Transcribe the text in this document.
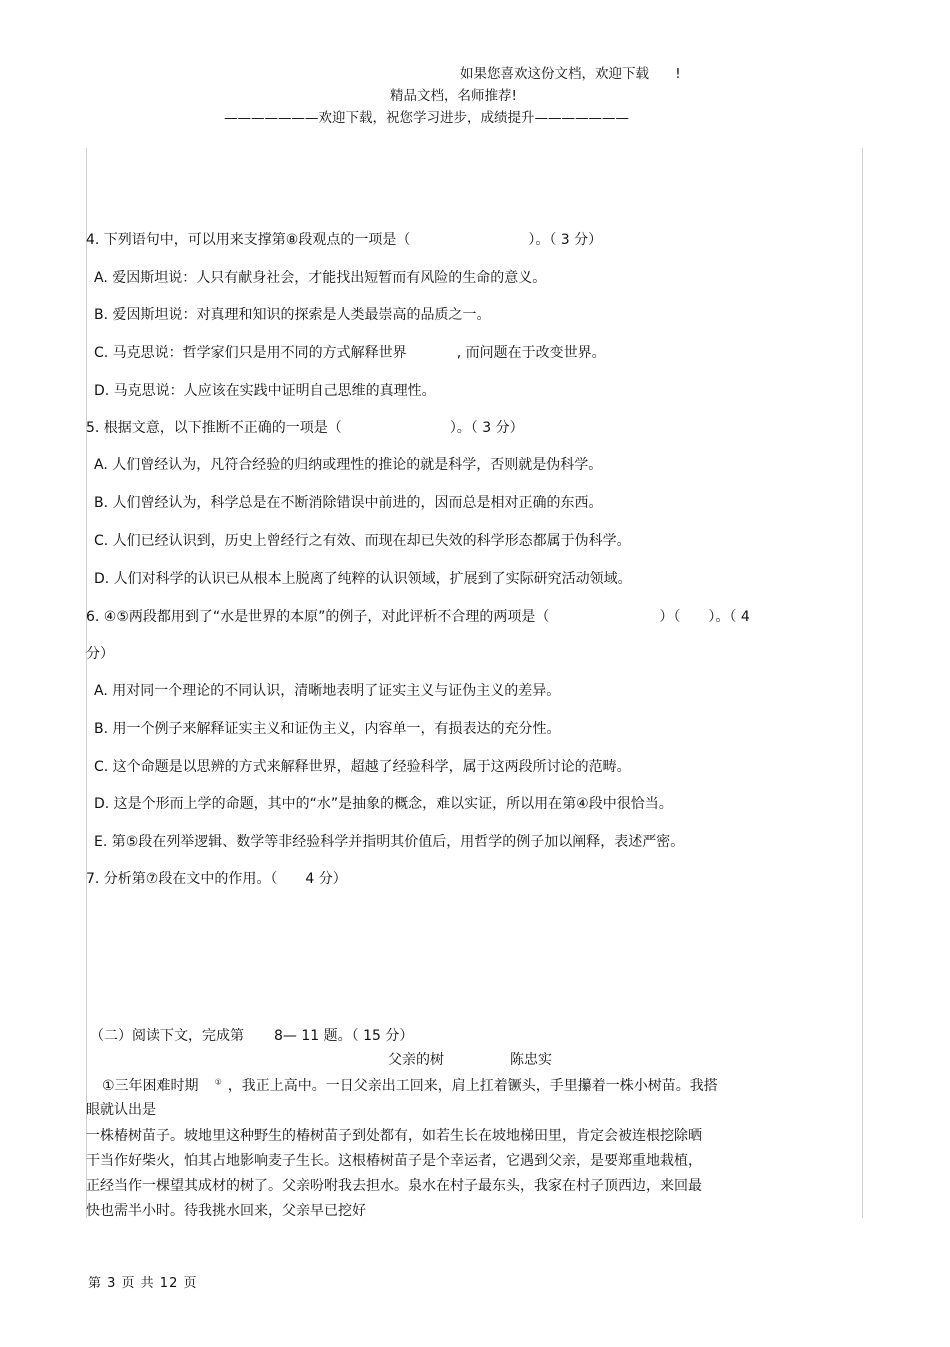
如果您喜欢这份文档，欢迎下载 !
精品文档，名师推荐!
———————欢迎下载，祝您学习进步，成绩提升———————
4. 下列语句中，可以用来支撑第⑧段观点的一项是（	）。（ 3 分）
A. 爱因斯坦说：人只有献身社会，才能找出短暂而有风险的生命的意义。
B. 爱因斯坦说：对真理和知识的探索是人类最崇高的品质之一。
C. 马克思说：哲学家们只是用不同的方式解释世界	, 而问题在于改变世界。
D. 马克思说：人应该在实践中证明自己思维的真理性。
5. 根据文意，以下推断不正确的一项是（	）。（ 3 分）
A. 人们曾经认为，凡符合经验的归纳或理性的推论的就是科学，否则就是伪科学。
B. 人们曾经认为，科学总是在不断消除错误中前进的，因而总是相对正确的东西。
C. 人们已经认识到，历史上曾经行之有效、而现在却已失效的科学形态都属于伪科学。
D. 人们对科学的认识已从根本上脱离了纯粹的认识领域，扩展到了实际研究活动领域。
6. ④⑤两段都用到了“水是世界的本原”的例子，对此评析不合理的两项是（	）（ ）。（ 4
分）
A. 用对同一个理论的不同认识，清晰地表明了证实主义与证伪主义的差异。
B. 用一个例子来解释证实主义和证伪主义，内容单一，有损表达的充分性。
C. 这个命题是以思辨的方式来解释世界，超越了经验科学，属于这两段所讨论的范畴。
D. 这是个形而上学的命题，其中的“水”是抽象的概念，难以实证，所以用在第④段中很恰当。
E. 第⑤段在列举逻辑、数学等非经验科学并指明其价值后，用哲学的例子加以阐释，表述严密。
7. 分析第⑦段在文中的作用。（ 4 分）
（二）阅读下文，完成第 8— 11 题。（ 15 分）
父亲的树	陈忠实
①三年困难时期 ① ，我正上高中。一日父亲出工回来，肩上扛着镢头，手里攥着一株小树苗。我搭
眼就认出是
一株椿树苗子。坡地里这种野生的椿树苗子到处都有，如若生长在坡地梯田里，肯定会被连根挖除晒
干当作好柴火，怕其占地影响麦子生长。这根椿树苗子是个幸运者，它遇到父亲，是要郑重地栽植，
正经当作一棵望其成材的树了。父亲吩咐我去担水。泉水在村子最东头，我家在村子顶西边，来回最
快也需半小时。待我挑水回来，父亲早已挖好
第 3 页 共 12 页
